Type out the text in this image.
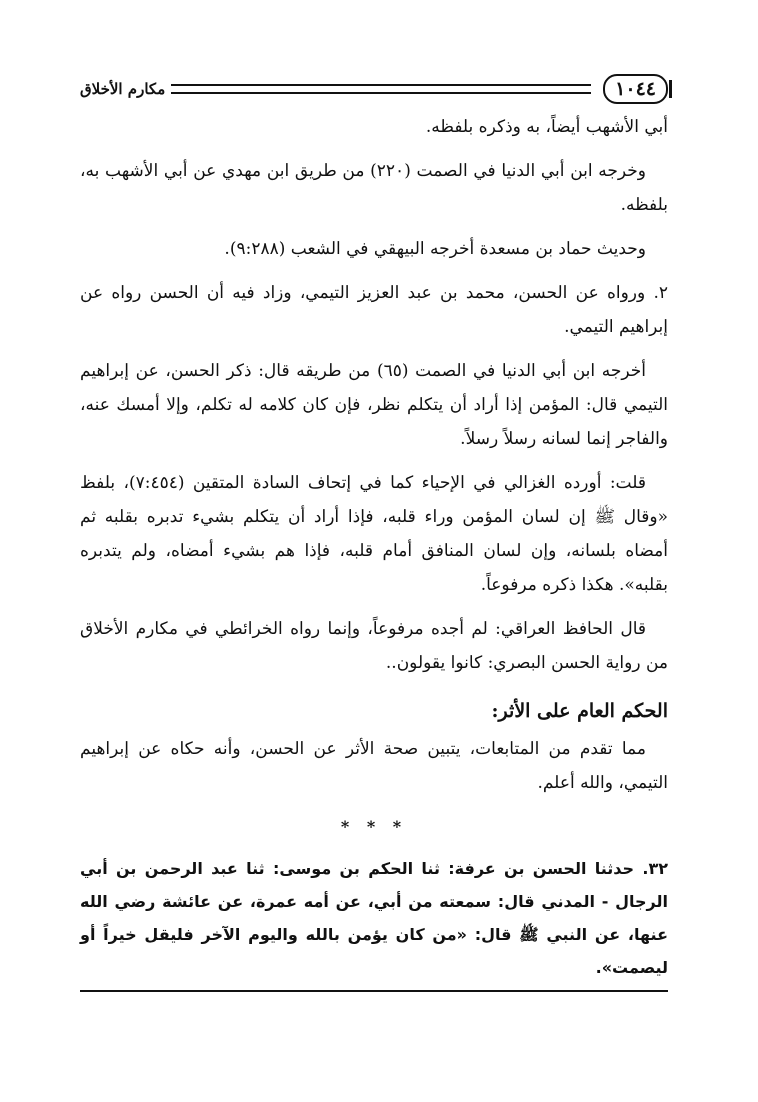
١٠٤٤
مكارم الأخلاق

أبي الأشهب أيضاً، به وذكره بلفظه.

وخرجه ابن أبي الدنيا في الصمت (٢٢٠) من طريق ابن مهدي عن أبي الأشهب به، بلفظه.

وحديث حماد بن مسعدة أخرجه البيهقي في الشعب (٩:٢٨٨).

٢. ورواه عن الحسن، محمد بن عبد العزيز التيمي، وزاد فيه أن الحسن رواه عن إبراهيم التيمي.

أخرجه ابن أبي الدنيا في الصمت (٦٥) من طريقه قال: ذكر الحسن، عن إبراهيم التيمي قال: المؤمن إذا أراد أن يتكلم نظر، فإن كان كلامه له تكلم، وإلا أمسك عنه، والفاجر إنما لسانه رسلاً رسلاً.

قلت: أورده الغزالي في الإحياء كما في إتحاف السادة المتقين (٧:٤٥٤)، بلفظ «وقال ﷺ إن لسان المؤمن وراء قلبه، فإذا أراد أن يتكلم بشيء تدبره بقلبه ثم أمضاه بلسانه، وإن لسان المنافق أمام قلبه، فإذا هم بشيء أمضاه، ولم يتدبره بقلبه». هكذا ذكره مرفوعاً.

قال الحافظ العراقي: لم أجده مرفوعاً، وإنما رواه الخرائطي في مكارم الأخلاق من رواية الحسن البصري: كانوا يقولون..

الحكم العام على الأثر:

مما تقدم من المتابعات، يتبين صحة الأثر عن الحسن، وأنه حكاه عن إبراهيم التيمي، والله أعلم.

* * *

٣٢. حدثنا الحسن بن عرفة: ثنا الحكم بن موسى: ثنا عبد الرحمن بن أبي الرجال - المدني قال: سمعته من أبي، عن أمه عمرة، عن عائشة رضي الله عنها، عن النبي ﷺ قال: «من كان يؤمن بالله واليوم الآخر فليقل خيراً أو ليصمت».
